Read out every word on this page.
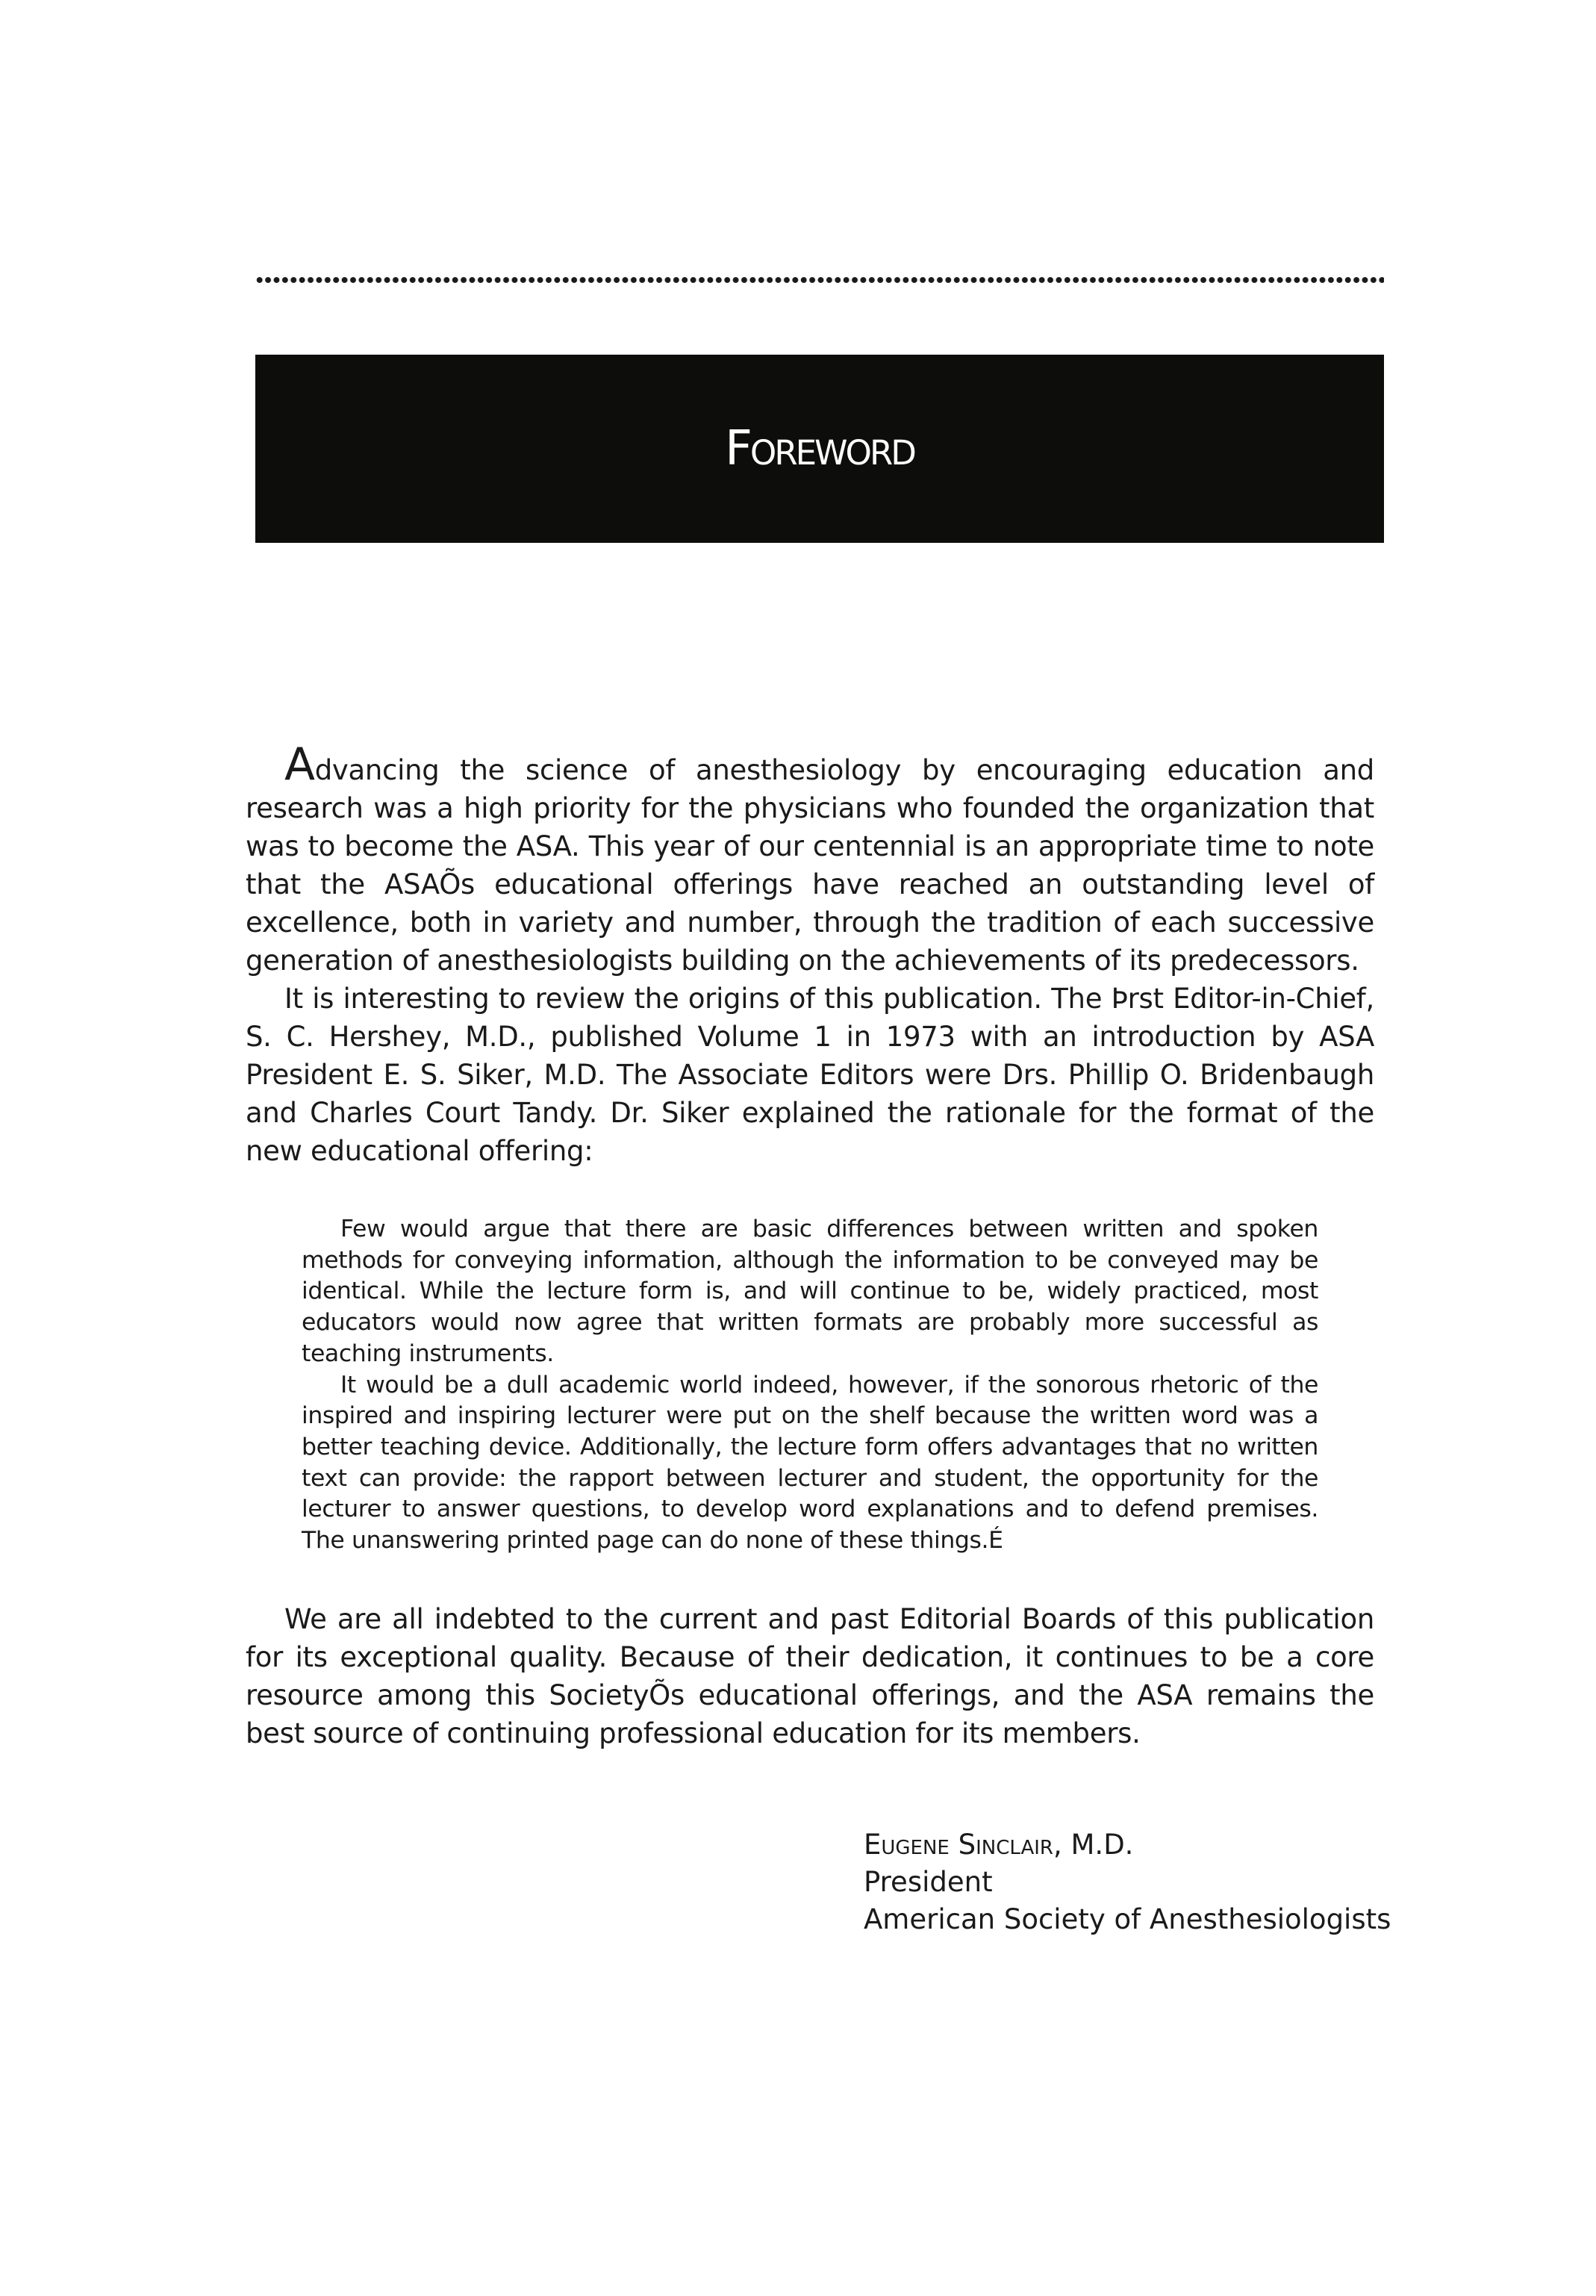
Foreword

Advancing the science of anesthesiology by encouraging education and research was a high priority for the physicians who founded the organization that was to become the ASA. This year of our centennial is an appropriate time to note that the ASAÕs educational offerings have reached an outstanding level of excellence, both in variety and number, through the tradition of each successive generation of anesthesiologists building on the achievements of its predecessors.

It is interesting to review the origins of this publication. The Þrst Editor-in-Chief, S. C. Hershey, M.D., published Volume 1 in 1973 with an introduction by ASA President E. S. Siker, M.D. The Associate Editors were Drs. Phillip O. Bridenbaugh and Charles Court Tandy. Dr. Siker explained the rationale for the format of the new educational offering:

Few would argue that there are basic differences between written and spoken methods for conveying information, although the information to be conveyed may be identical. While the lecture form is, and will continue to be, widely practiced, most educators would now agree that written formats are probably more successful as teaching instruments.

It would be a dull academic world indeed, however, if the sonorous rhetoric of the inspired and inspiring lecturer were put on the shelf because the written word was a better teaching device. Additionally, the lecture form offers advantages that no written text can provide: the rapport between lecturer and student, the opportunity for the lecturer to answer questions, to develop word explanations and to defend premises. The unanswering printed page can do none of these things.É

We are all indebted to the current and past Editorial Boards of this publication for its exceptional quality. Because of their dedication, it continues to be a core resource among this SocietyÕs educational offerings, and the ASA remains the best source of continuing professional education for its members.

Eugene Sinclair, M.D.
President
American Society of Anesthesiologists
